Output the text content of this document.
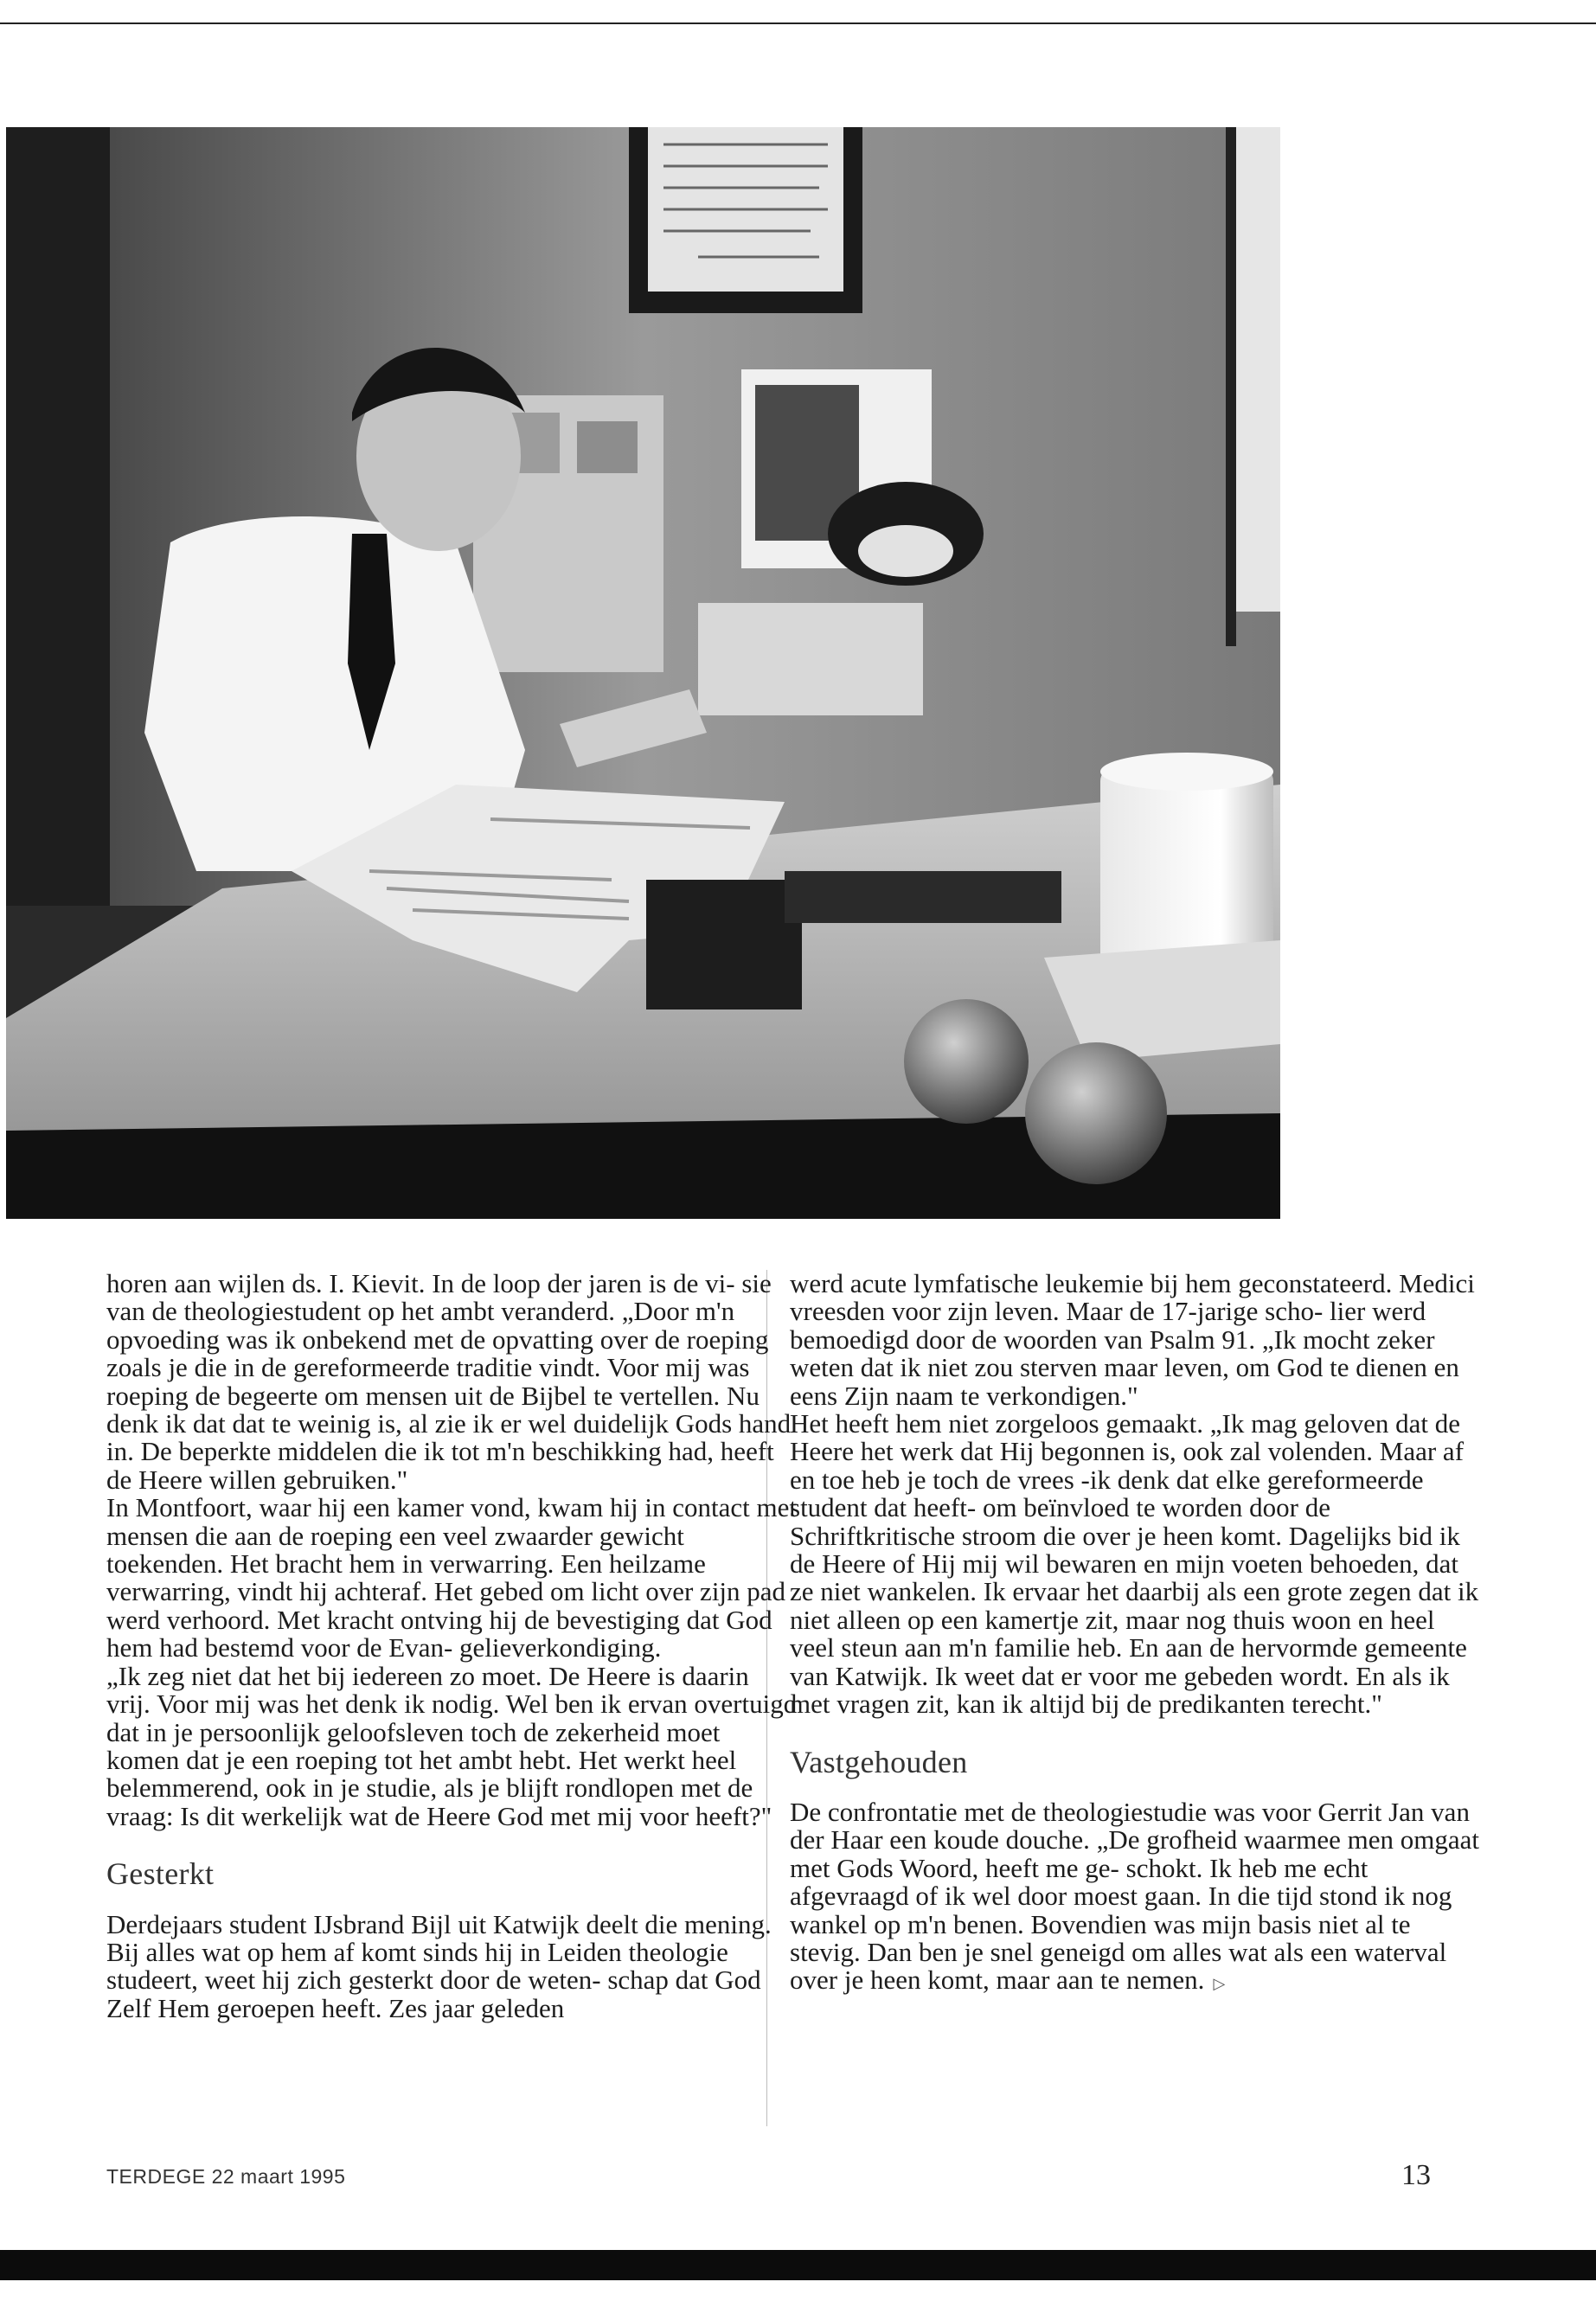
horen aan wijlen ds. I. Kievit. In de loop der jaren is de vi- sie van de theologiestudent op het ambt veranderd. „Door m'n opvoeding was ik onbekend met de opvatting over de roeping zoals je die in de gereformeerde traditie vindt. Voor mij was roeping de begeerte om mensen uit de Bijbel te vertellen. Nu denk ik dat dat te weinig is, al zie ik er wel duidelijk Gods hand in. De beperkte middelen die ik tot m'n beschikking had, heeft de Heere willen gebruiken."

In Montfoort, waar hij een kamer vond, kwam hij in contact met mensen die aan de roeping een veel zwaarder gewicht toekenden. Het bracht hem in verwarring. Een heilzame verwarring, vindt hij achteraf. Het gebed om licht over zijn pad werd verhoord. Met kracht ontving hij de bevestiging dat God hem had bestemd voor de Evan- gelieverkondiging.

„Ik zeg niet dat het bij iedereen zo moet. De Heere is daarin vrij. Voor mij was het denk ik nodig. Wel ben ik ervan overtuigd dat in je persoonlijk geloofsleven toch de zekerheid moet komen dat je een roeping tot het ambt hebt. Het werkt heel belemmerend, ook in je studie, als je blijft rondlopen met de vraag: Is dit werkelijk wat de Heere God met mij voor heeft?"

Gesterkt

Derdejaars student IJsbrand Bijl uit Katwijk deelt die mening. Bij alles wat op hem af komt sinds hij in Leiden theologie studeert, weet hij zich gesterkt door de weten- schap dat God Zelf Hem geroepen heeft. Zes jaar geleden

werd acute lymfatische leukemie bij hem geconstateerd. Medici vreesden voor zijn leven. Maar de 17-jarige scho- lier werd bemoedigd door de woorden van Psalm 91. „Ik mocht zeker weten dat ik niet zou sterven maar leven, om God te dienen en eens Zijn naam te verkondigen."

Het heeft hem niet zorgeloos gemaakt. „Ik mag geloven dat de Heere het werk dat Hij begonnen is, ook zal volenden. Maar af en toe heb je toch de vrees -ik denk dat elke gereformeerde student dat heeft- om beïnvloed te worden door de Schriftkritische stroom die over je heen komt. Dagelijks bid ik de Heere of Hij mij wil bewaren en mijn voeten behoeden, dat ze niet wankelen. Ik ervaar het daarbij als een grote zegen dat ik niet alleen op een kamertje zit, maar nog thuis woon en heel veel steun aan m'n familie heb. En aan de hervormde gemeente van Katwijk. Ik weet dat er voor me gebeden wordt. En als ik met vragen zit, kan ik altijd bij de predikanten terecht."

Vastgehouden

De confrontatie met de theologiestudie was voor Gerrit Jan van der Haar een koude douche. „De grofheid waarmee men omgaat met Gods Woord, heeft me ge- schokt. Ik heb me echt afgevraagd of ik wel door moest gaan. In die tijd stond ik nog wankel op m'n benen. Bovendien was mijn basis niet al te stevig. Dan ben je snel geneigd om alles wat als een waterval over je heen komt, maar aan te nemen. ▷

TERDEGE 22 maart 1995	13
